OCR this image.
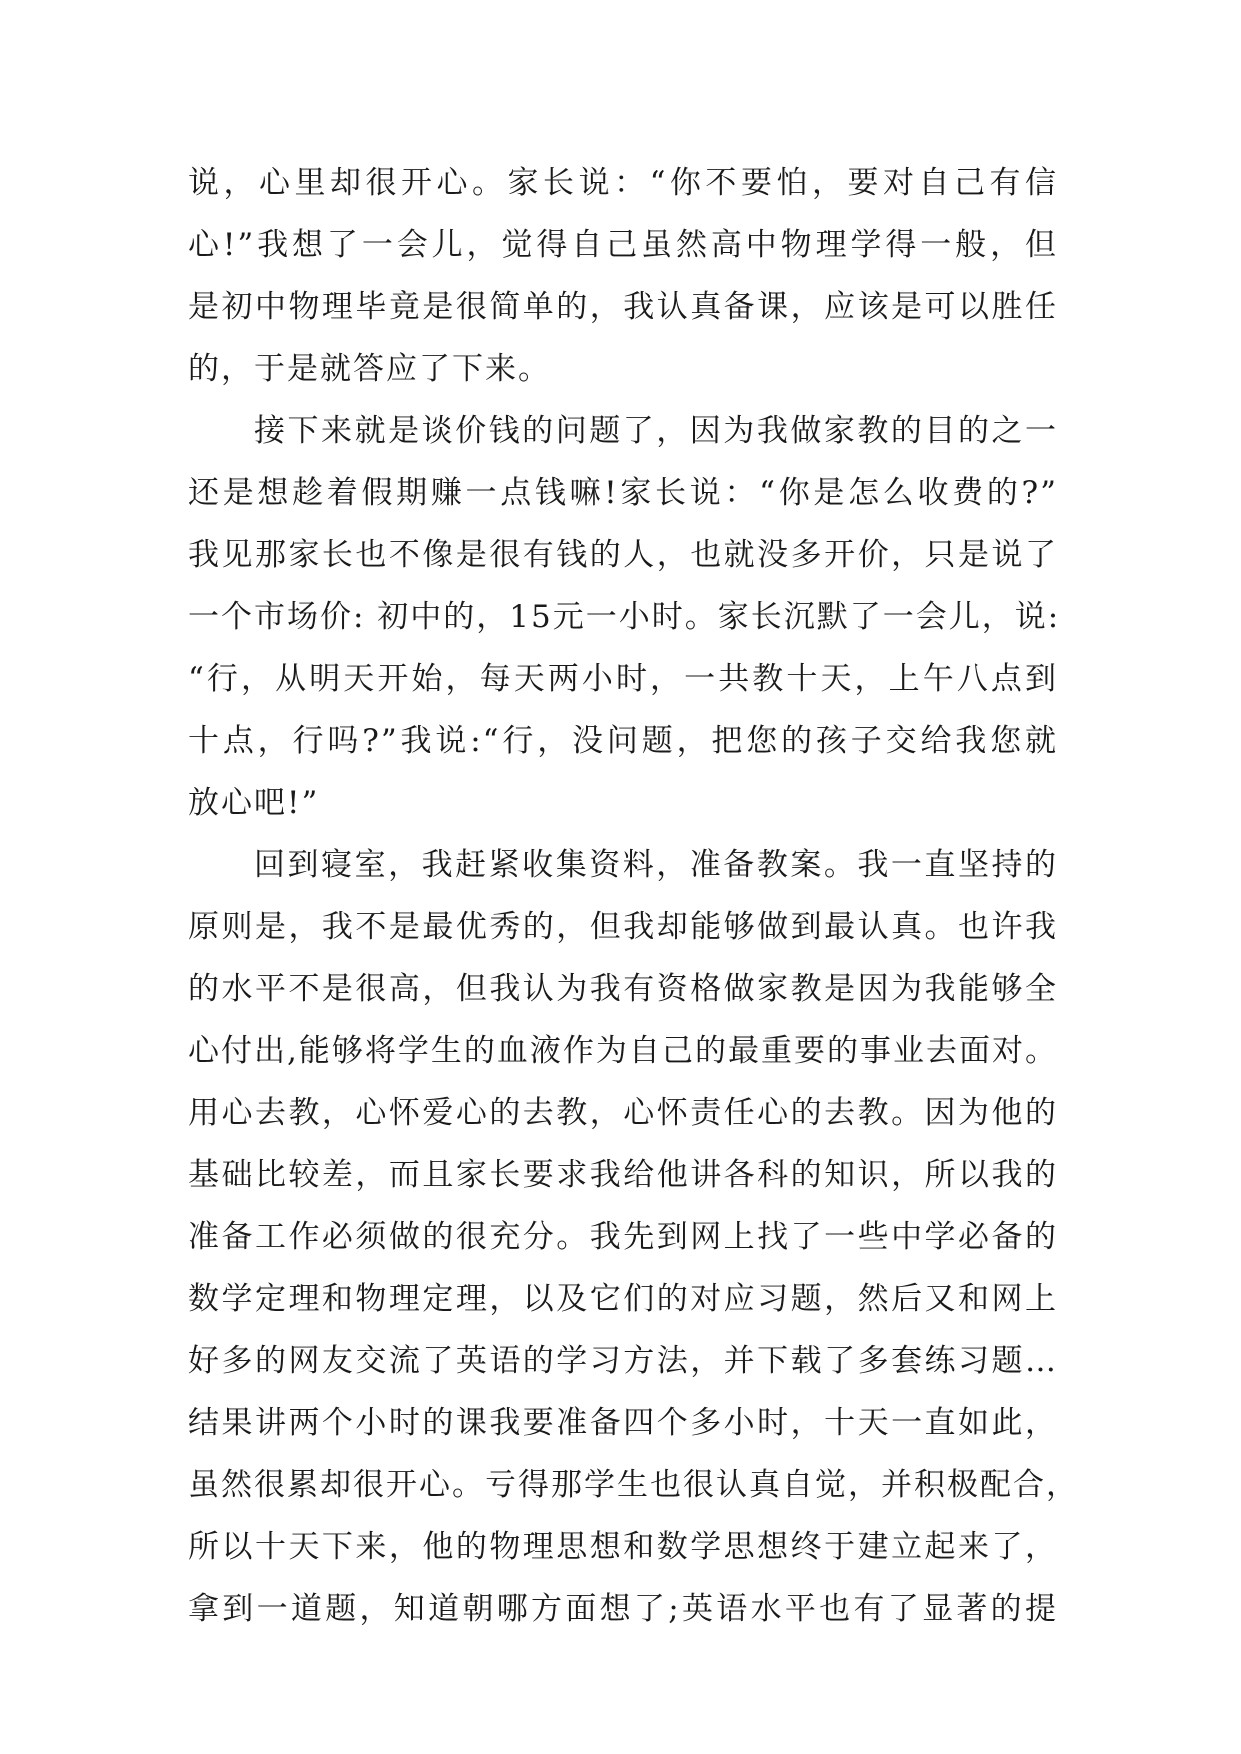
说，心里却很开心。家长说：“你不要怕，要对自己有信
心!”我想了一会儿，觉得自己虽然高中物理学得一般，但
是初中物理毕竟是很简单的，我认真备课，应该是可以胜任
的，于是就答应了下来。
接下来就是谈价钱的问题了，因为我做家教的目的之一
还是想趁着假期赚一点钱嘛!家长说：“你是怎么收费的?”
我见那家长也不像是很有钱的人，也就没多开价，只是说了
一个市场价: 初中的，15元一小时。家长沉默了一会儿，说:
“行，从明天开始，每天两小时，一共教十天，上午八点到
十点，行吗?”我说:“行，没问题，把您的孩子交给我您就
放心吧!”
回到寝室，我赶紧收集资料，准备教案。我一直坚持的
原则是，我不是最优秀的，但我却能够做到最认真。也许我
的水平不是很高，但我认为我有资格做家教是因为我能够全
心付出,能够将学生的血液作为自己的最重要的事业去面对。
用心去教，心怀爱心的去教，心怀责任心的去教。因为他的
基础比较差，而且家长要求我给他讲各科的知识，所以我的
准备工作必须做的很充分。我先到网上找了一些中学必备的
数学定理和物理定理，以及它们的对应习题，然后又和网上
好多的网友交流了英语的学习方法，并下载了多套练习题…
结果讲两个小时的课我要准备四个多小时，十天一直如此，
虽然很累却很开心。亏得那学生也很认真自觉，并积极配合，
所以十天下来，他的物理思想和数学思想终于建立起来了，
拿到一道题，知道朝哪方面想了;英语水平也有了显著的提
